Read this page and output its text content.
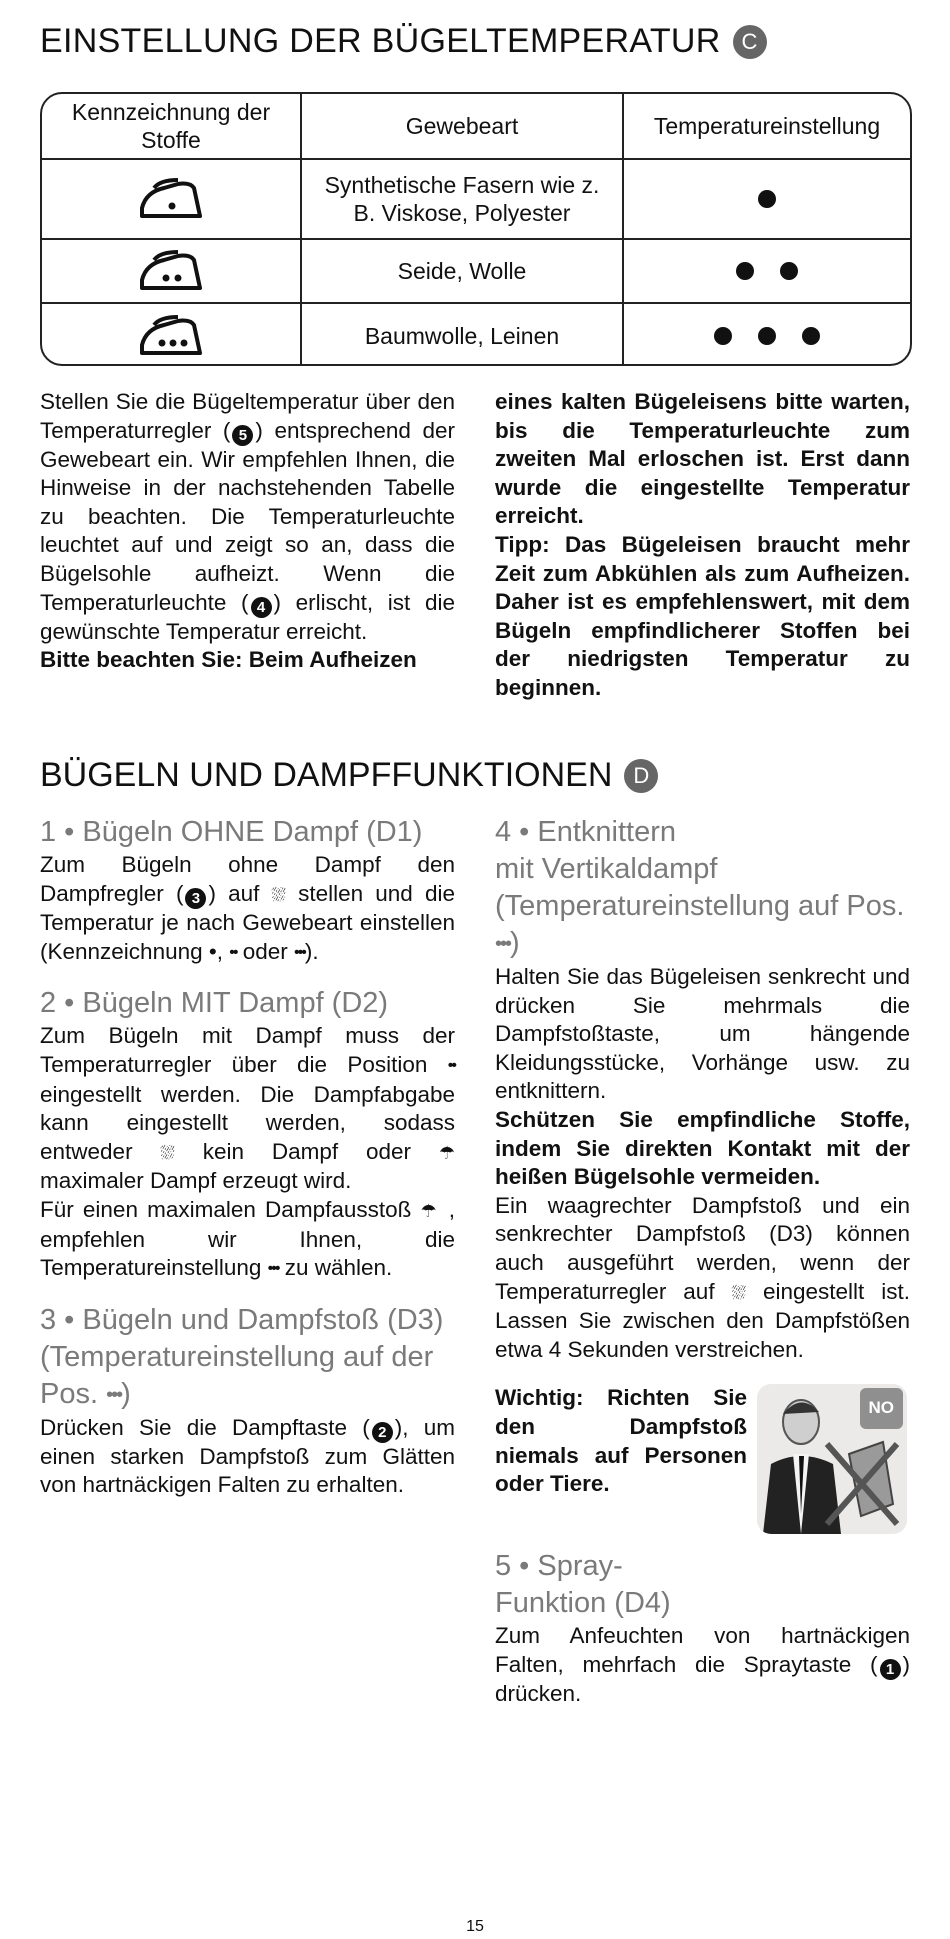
EINSTELLUNG DER BÜGELTEMPERATUR C
Kennzeichnung der Stoffe
Gewebeart	Temperatureinstellung
Synthetische Fasern wie z. B. Viskose, Polyester
Seide, Wolle
Baumwolle, Leinen

Stellen Sie die Bügeltemperatur über den Temperaturregler ( 5 ) entsprechend der Gewebeart ein. Wir empfehlen Ihnen, die Hinweise in der nachstehenden Tabelle zu beachten. Die Temperaturleuchte leuchtet auf und zeigt so an, dass die Bügelsohle aufheizt. Wenn die Temperaturleuchte ( 4 ) erlischt, ist die gewünschte Temperatur erreicht.

Bitte beachten Sie: Beim Aufheizen

eines kalten Bügeleisens bitte warten, bis die Temperaturleuchte zum zweiten Mal erloschen ist. Erst dann wurde die eingestellte Temperatur erreicht.

Tipp: Das Bügeleisen braucht mehr Zeit zum Abkühlen als zum Aufheizen. Daher ist es empfehlenswert, mit dem Bügeln empfindlicherer Stoffen bei der niedrigsten Temperatur zu beginnen.

BÜGELN UND DAMPFFUNKTIONEN D

1 • Bügeln OHNE Dampf (D1)

Zum Bügeln ohne Dampf den Dampfregler ( 3 ) auf ⛆ stellen und die Temperatur je nach Gewebeart einstellen (Kennzeichnung •, •• oder •••).

2 • Bügeln MIT Dampf (D2)

Zum Bügeln mit Dampf muss der Temperaturregler über die Position •• eingestellt werden. Die Dampfabgabe kann eingestellt werden, sodass entweder ⛆ kein Dampf oder ☂ maximaler Dampf erzeugt wird.

Für einen maximalen Dampfausstoß ☂ , empfehlen wir Ihnen, die Temperatureinstellung ••• zu wählen.

3 • Bügeln und Dampfstoß (D3) (Temperatureinstellung auf der Pos. •••)

Drücken Sie die Dampftaste ( 2 ), um einen starken Dampfstoß zum Glätten von hartnäckigen Falten zu erhalten.

4 • Entknittern

mit Vertikaldampf (Temperatureinstellung auf Pos. •••)

Halten Sie das Bügeleisen senkrecht und drücken Sie mehrmals die Dampfstoßtaste, um hängende Kleidungsstücke, Vorhänge usw. zu entknittern.

Schützen Sie empfindliche Stoffe, indem Sie direkten Kontakt mit der heißen Bügelsohle vermeiden.

Ein waagrechter Dampfstoß und ein senkrechter Dampfstoß (D3) können auch ausgeführt werden, wenn der Temperaturregler auf ⛆ eingestellt ist. Lassen Sie zwischen den Dampfstößen etwa 4 Sekunden verstreichen.

Wichtig: Richten Sie den Dampfstoß niemals auf Personen oder Tiere.

NO

5 • Spray-

Funktion (D4)

Zum Anfeuchten von hartnäckigen Falten, mehrfach die Spraytaste ( 1 ) drücken.

15
